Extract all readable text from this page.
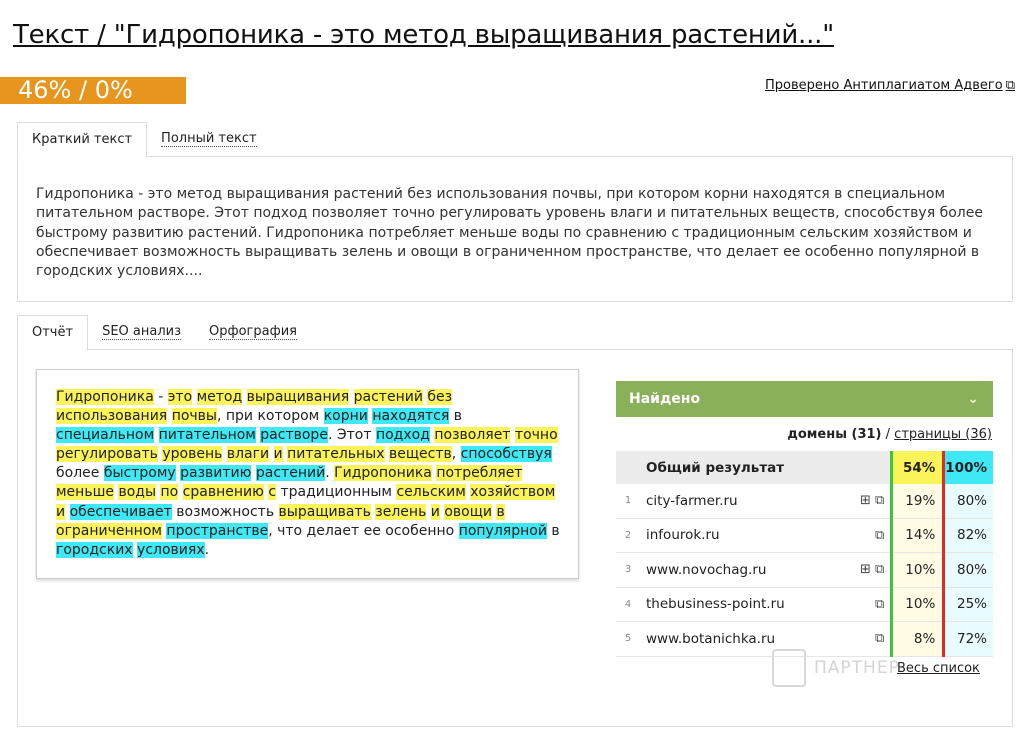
Текст / "Гидропоника - это метод выращивания растений..."
46% / 0%	Проверено Антиплагиатом Адвего ⧉
Краткий текст	Полный текст
Гидропоника - это метод выращивания растений без использования почвы, при котором корни находятся в специальном питательном растворе. Этот подход позволяет точно регулировать уровень влаги и питательных веществ, способствуя более быстрому развитию растений. Гидропоника потребляет меньше воды по сравнению с традиционным сельским хозяйством и обеспечивает возможность выращивать зелень и овощи в ограниченном пространстве, что делает ее особенно популярной в городских условиях....
Отчёт	SEO анализ	Орфография
Гидропоника - это метод выращивания растений без использования почвы, при котором корни находятся в специальном питательном растворе. Этот подход позволяет точно регулировать уровень влаги и питательных веществ, способствуя более быстрому развитию растений. Гидропоника потребляет меньше воды по сравнению с традиционным сельским хозяйством и обеспечивает возможность выращивать зелень и овощи в ограниченном пространстве, что делает ее особенно популярной в городских условиях.
Найдено	⌄
домены (31) / страницы (36)
	Общий результат		54%	100%
1	city-farmer.ru	⊞ ⧉	19%	80%
2	infourok.ru	⧉	14%	82%
3	www.novochag.ru	⊞ ⧉	10%	80%
4	thebusiness-point.ru	⧉	10%	25%
5	www.botanichka.ru	⧉	8%	72%
ПАРТНЕР
Весь список
